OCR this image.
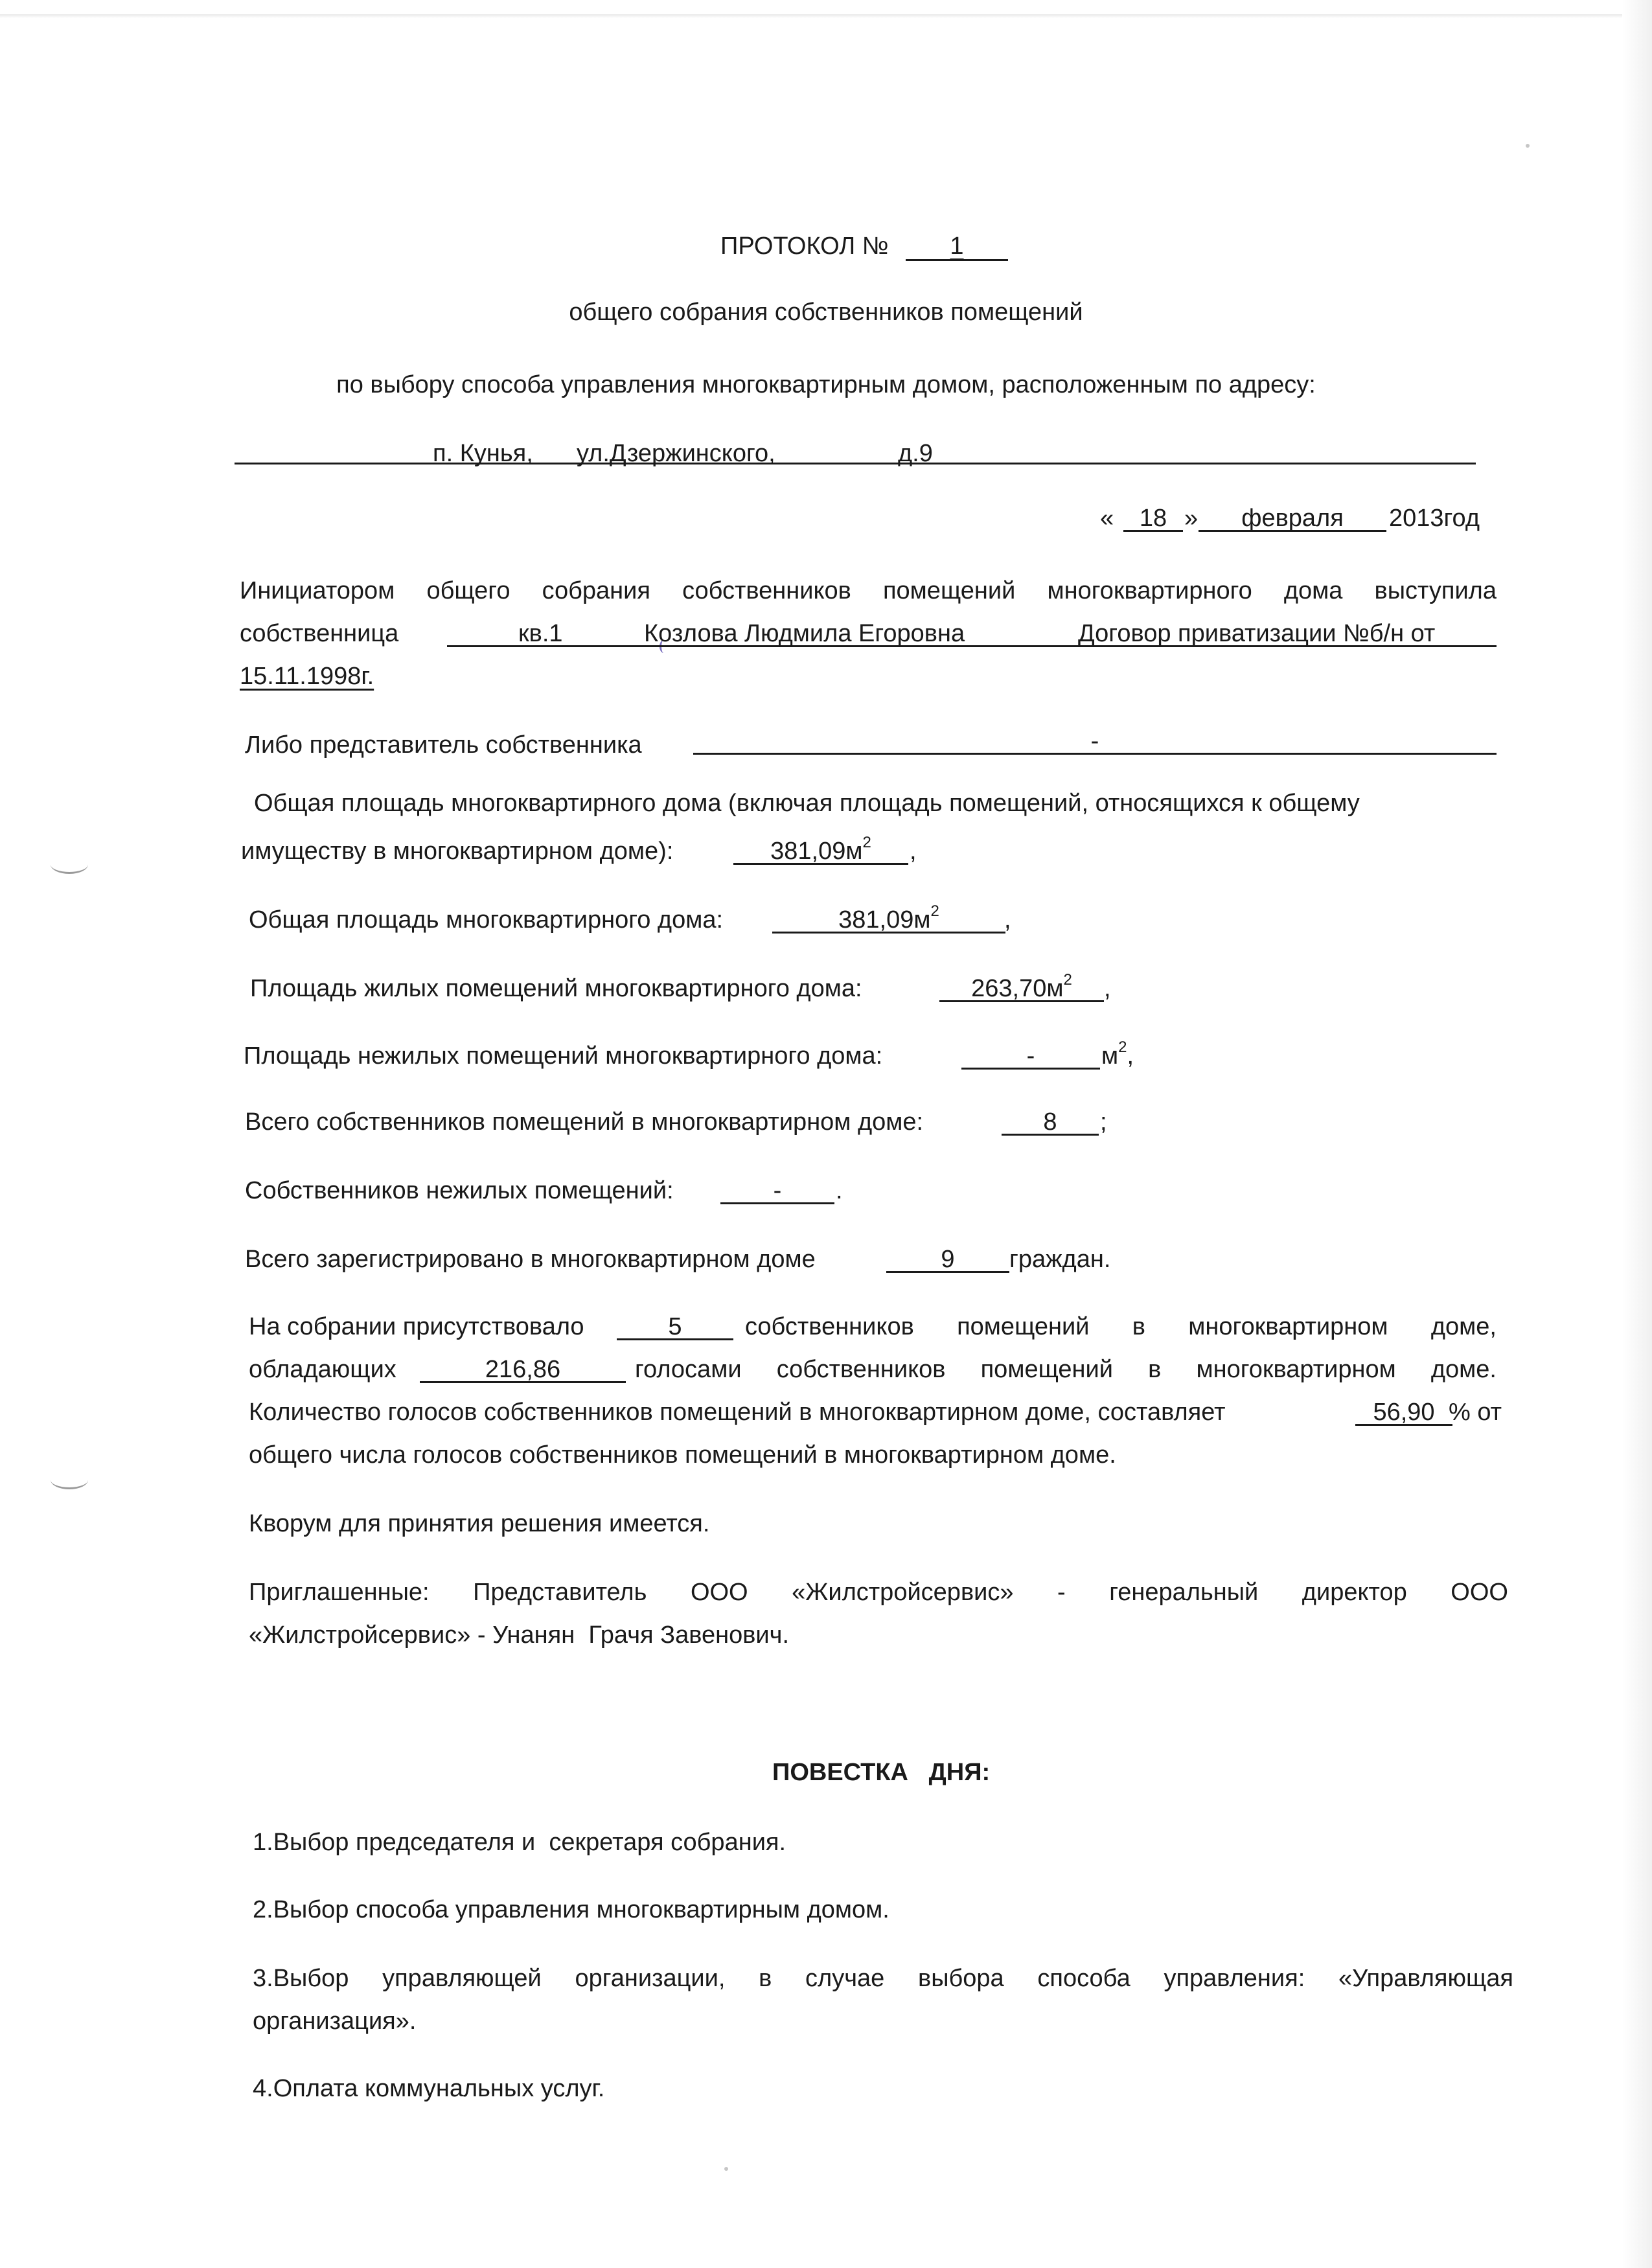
ПРОТОКОЛ №	1
общего собрания собственников помещений
по выбору способа управления многоквартирным домом, расположенным по адресу:
п. Кунья, ул.Дзержинского,	д.9
«	18 »	февраля	2013год
Инициатором общего собрания собственников помещений многоквартирного дома выступила
собственница	кв.1	Козлова Людмила Егоровна	Договор приватизации №б/н от
15.11.1998г.
Либо представитель собственника	-
Общая площадь многоквартирного дома (включая площадь помещений, относящихся к общему
имуществу в многоквартирном доме):	$381,09м^2$	,
Общая площадь многоквартирного дома:	$381,09м^2$	,
Площадь жилых помещений многоквартирного дома:	$263,70м^2$	,
Площадь нежилых помещений многоквартирного дома:	-	$м^2$,
Всего собственников помещений в многоквартирном доме:	8	;
Собственников нежилых помещений:	-	.
Всего зарегистрировано в многоквартирном доме	9	граждан.
На собрании присутствовало	5	собственников помещений в многоквартирном доме,
обладающих	216,86	голосами собственников помещений в многоквартирном доме.
Количество голосов собственников помещений в многоквартирном доме, составляет	56,90 % от
общего числа голосов собственников помещений в многоквартирном доме.
Кворум для принятия решения имеется.
Приглашенные: Представитель ООО «Жилстройсервис» - генеральный директор ООО
«Жилстройсервис» - Унанян  Грачя Завенович.
ПОВЕСТКА   ДНЯ:
1.Выбор председателя и  секретаря собрания.
2.Выбор способа управления многоквартирным домом.
3.Выбор управляющей организации, в случае выбора способа управления: «Управляющая
организация».
4.Оплата коммунальных услуг.
